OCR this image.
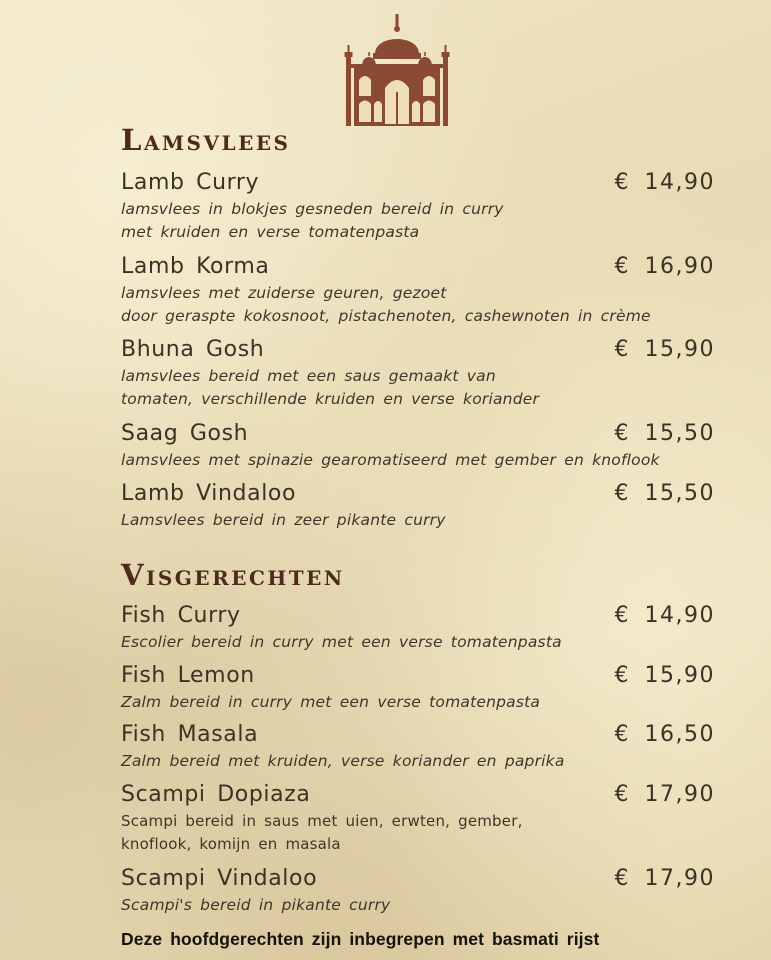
Lamsvlees
Lamb Curry	€ 14,90
lamsvlees in blokjes gesneden bereid in curry
met kruiden en verse tomatenpasta
Lamb Korma	€ 16,90
lamsvlees met zuiderse geuren, gezoet
door geraspte kokosnoot, pistachenoten, cashewnoten in crème
Bhuna Gosh	€ 15,90
lamsvlees bereid met een saus gemaakt van
tomaten, verschillende kruiden en verse koriander
Saag Gosh	€ 15,50
lamsvlees met spinazie gearomatiseerd met gember en knoflook
Lamb Vindaloo	€ 15,50
Lamsvlees bereid in zeer pikante curry
Visgerechten
Fish Curry	€ 14,90
Escolier bereid in curry met een verse tomatenpasta
Fish Lemon	€ 15,90
Zalm bereid in curry met een verse tomatenpasta
Fish Masala	€ 16,50
Zalm bereid met kruiden, verse koriander en paprika
Scampi Dopiaza	€ 17,90
Scampi bereid in saus met uien, erwten, gember,
knoflook, komijn en masala
Scampi Vindaloo	€ 17,90
Scampi's bereid in pikante curry
Deze hoofdgerechten zijn inbegrepen met basmati rijst
